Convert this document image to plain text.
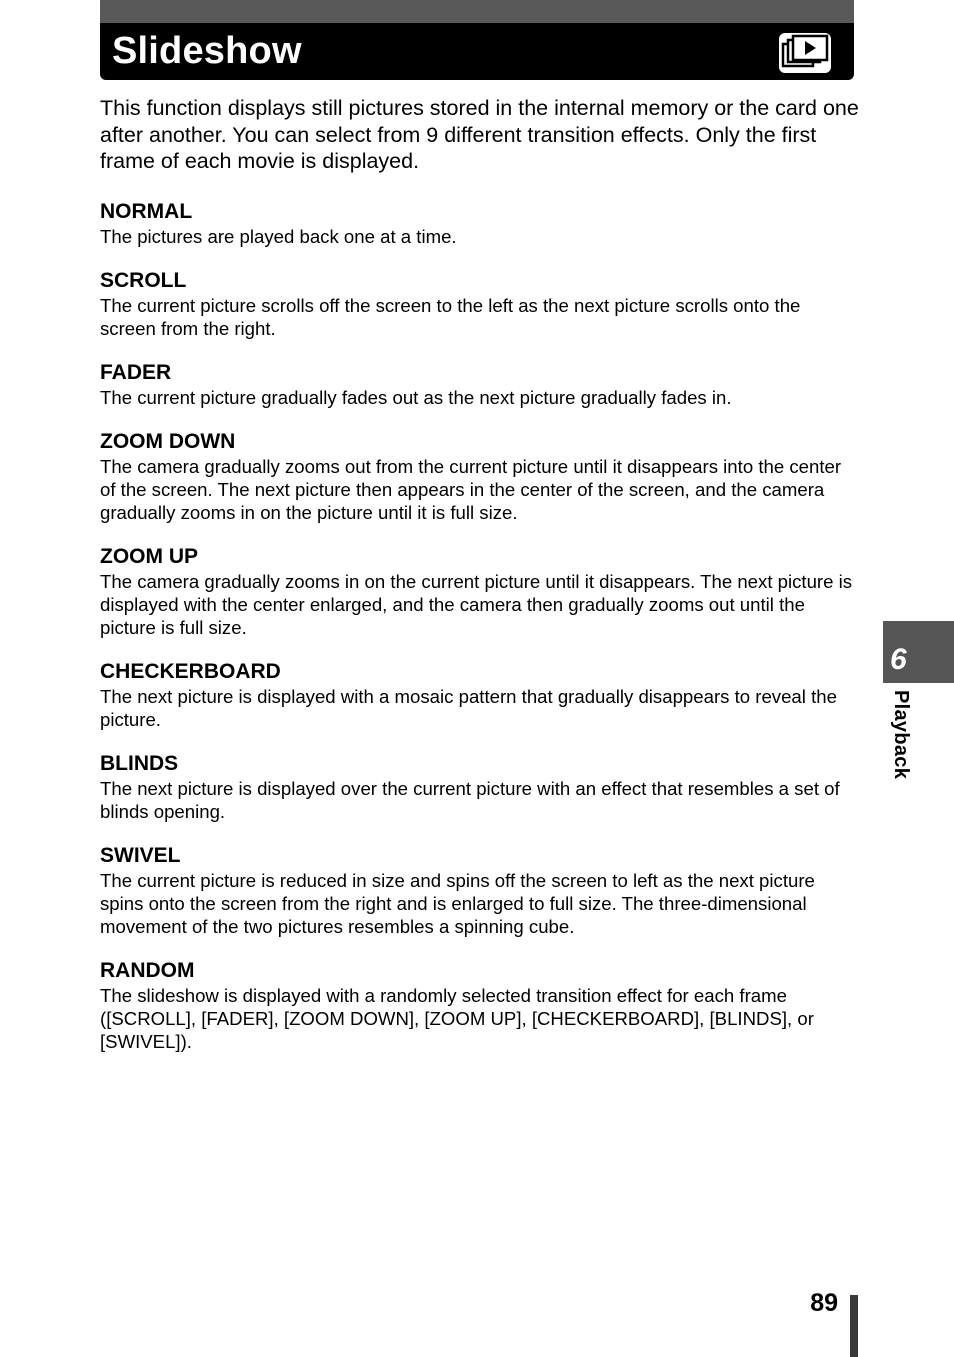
Slideshow

This function displays still pictures stored in the internal memory or the card one after another. You can select from 9 different transition effects. Only the first frame of each movie is displayed.

NORMAL

The pictures are played back one at a time.

SCROLL

The current picture scrolls off the screen to the left as the next picture scrolls onto the screen from the right.

FADER

The current picture gradually fades out as the next picture gradually fades in.

ZOOM DOWN

The camera gradually zooms out from the current picture until it disappears into the center of the screen. The next picture then appears in the center of the screen, and the camera gradually zooms in on the picture until it is full size.

ZOOM UP

The camera gradually zooms in on the current picture until it disappears. The next picture is displayed with the center enlarged, and the camera then gradually zooms out until the picture is full size.

CHECKERBOARD

The next picture is displayed with a mosaic pattern that gradually disappears to reveal the picture.

BLINDS

The next picture is displayed over the current picture with an effect that resembles a set of blinds opening.

SWIVEL

The current picture is reduced in size and spins off the screen to left as the next picture spins onto the screen from the right and is enlarged to full size. The three-dimensional movement of the two pictures resembles a spinning cube.

RANDOM

The slideshow is displayed with a randomly selected transition effect for each frame ([SCROLL], [FADER], [ZOOM DOWN], [ZOOM UP], [CHECKERBOARD], [BLINDS], or [SWIVEL]).

6
Playback
89
